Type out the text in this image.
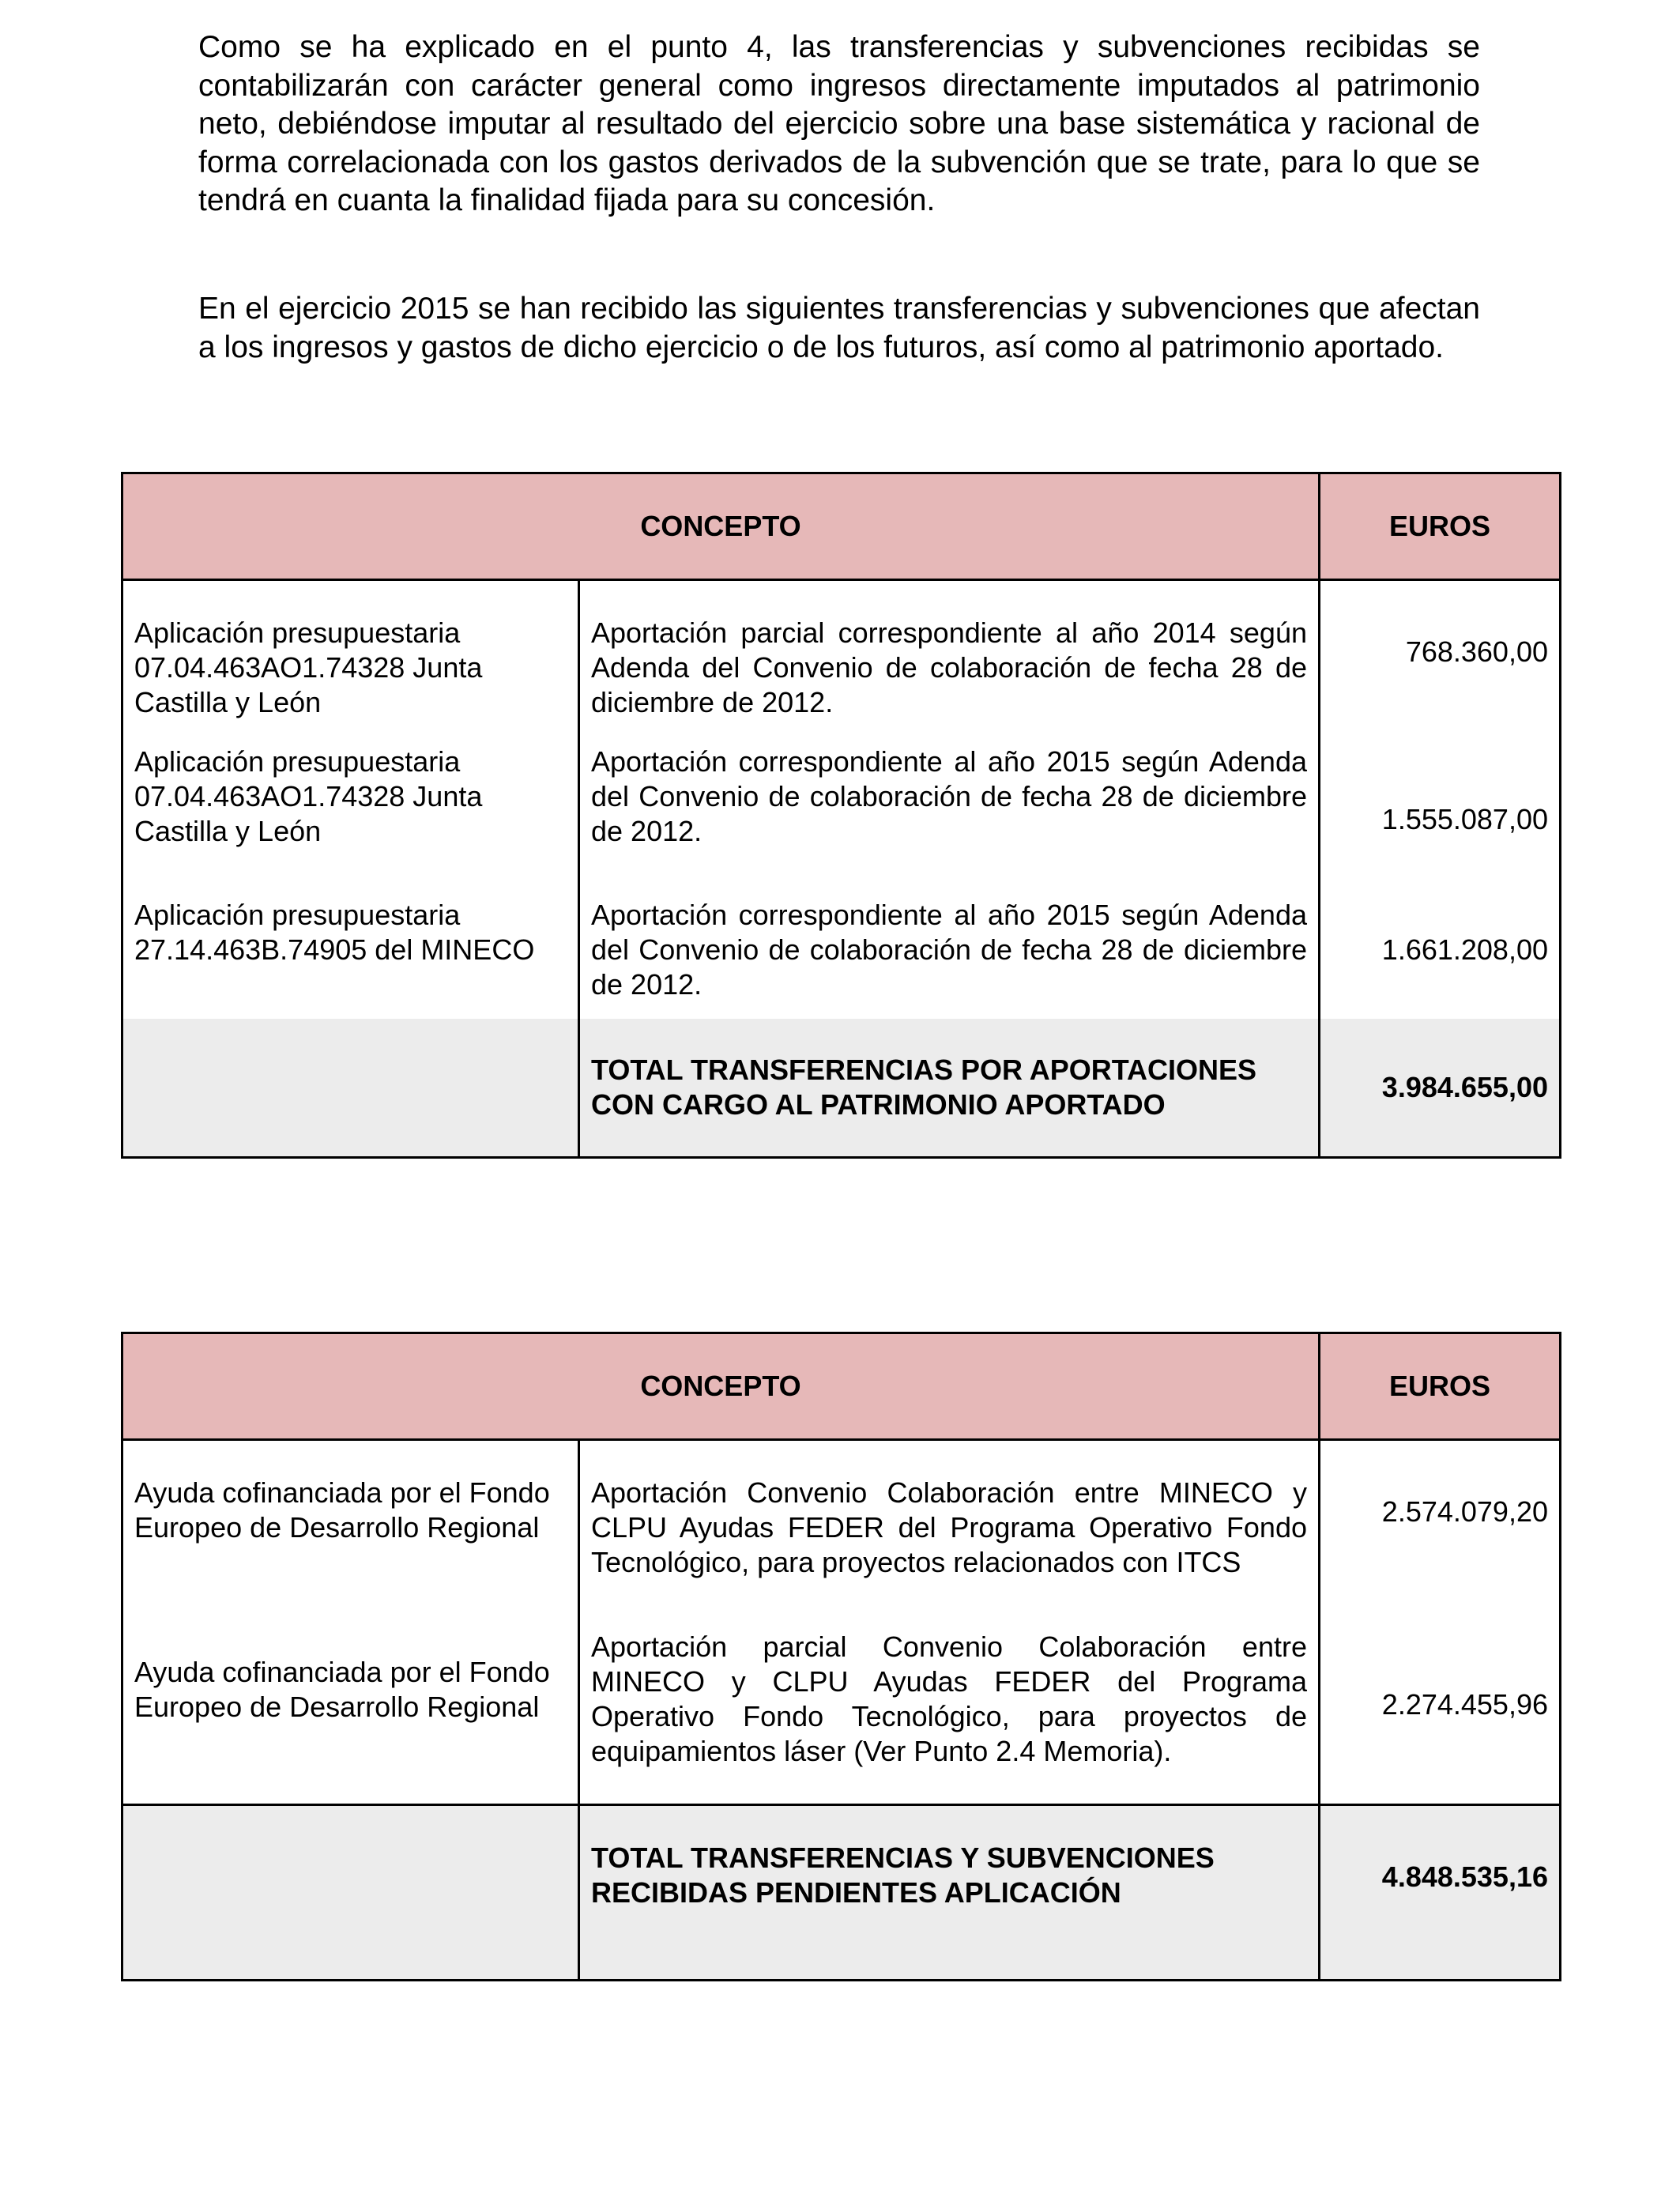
Como se ha explicado en el punto 4, las transferencias y subvenciones recibidas se contabilizarán con carácter general como ingresos directamente imputados al patrimonio neto, debiéndose imputar al resultado del ejercicio sobre una base sistemática y racional de forma correlacionada con los gastos derivados de la subvención que se trate, para lo que se tendrá en cuanta la finalidad fijada para su concesión.

En el ejercicio 2015 se han recibido las siguientes transferencias y subvenciones que afectan a los ingresos y gastos de dicho ejercicio o de los futuros, así como al patrimonio aportado.

CONCEPTO		EUROS
Aplicación presupuestaria 07.04.463AO1.74328 Junta Castilla y León	Aportación parcial correspondiente al año 2014 según Adenda del Convenio de colaboración de fecha 28 de diciembre de 2012.	768.360,00
Aplicación presupuestaria 07.04.463AO1.74328 Junta Castilla y León	Aportación correspondiente al año 2015 según Adenda del Convenio de colaboración de fecha 28 de diciembre de 2012.	1.555.087,00
Aplicación presupuestaria 27.14.463B.74905 del MINECO	Aportación correspondiente al año 2015 según Adenda del Convenio de colaboración de fecha 28 de diciembre de 2012.	1.661.208,00
	TOTAL TRANSFERENCIAS POR APORTACIONES CON CARGO AL PATRIMONIO APORTADO	3.984.655,00
CONCEPTO		EUROS
Ayuda cofinanciada por el Fondo Europeo de Desarrollo Regional	Aportación Convenio Colaboración entre MINECO y CLPU Ayudas FEDER del Programa Operativo Fondo Tecnológico, para proyectos relacionados con ITCS	2.574.079,20
Ayuda cofinanciada por el Fondo Europeo de Desarrollo Regional	Aportación parcial Convenio Colaboración entre MINECO y CLPU Ayudas FEDER del Programa Operativo Fondo Tecnológico, para proyectos de equipamientos láser (Ver Punto 2.4 Memoria).	2.274.455,96
	TOTAL TRANSFERENCIAS Y SUBVENCIONES RECIBIDAS PENDIENTES APLICACIÓN	4.848.535,16
